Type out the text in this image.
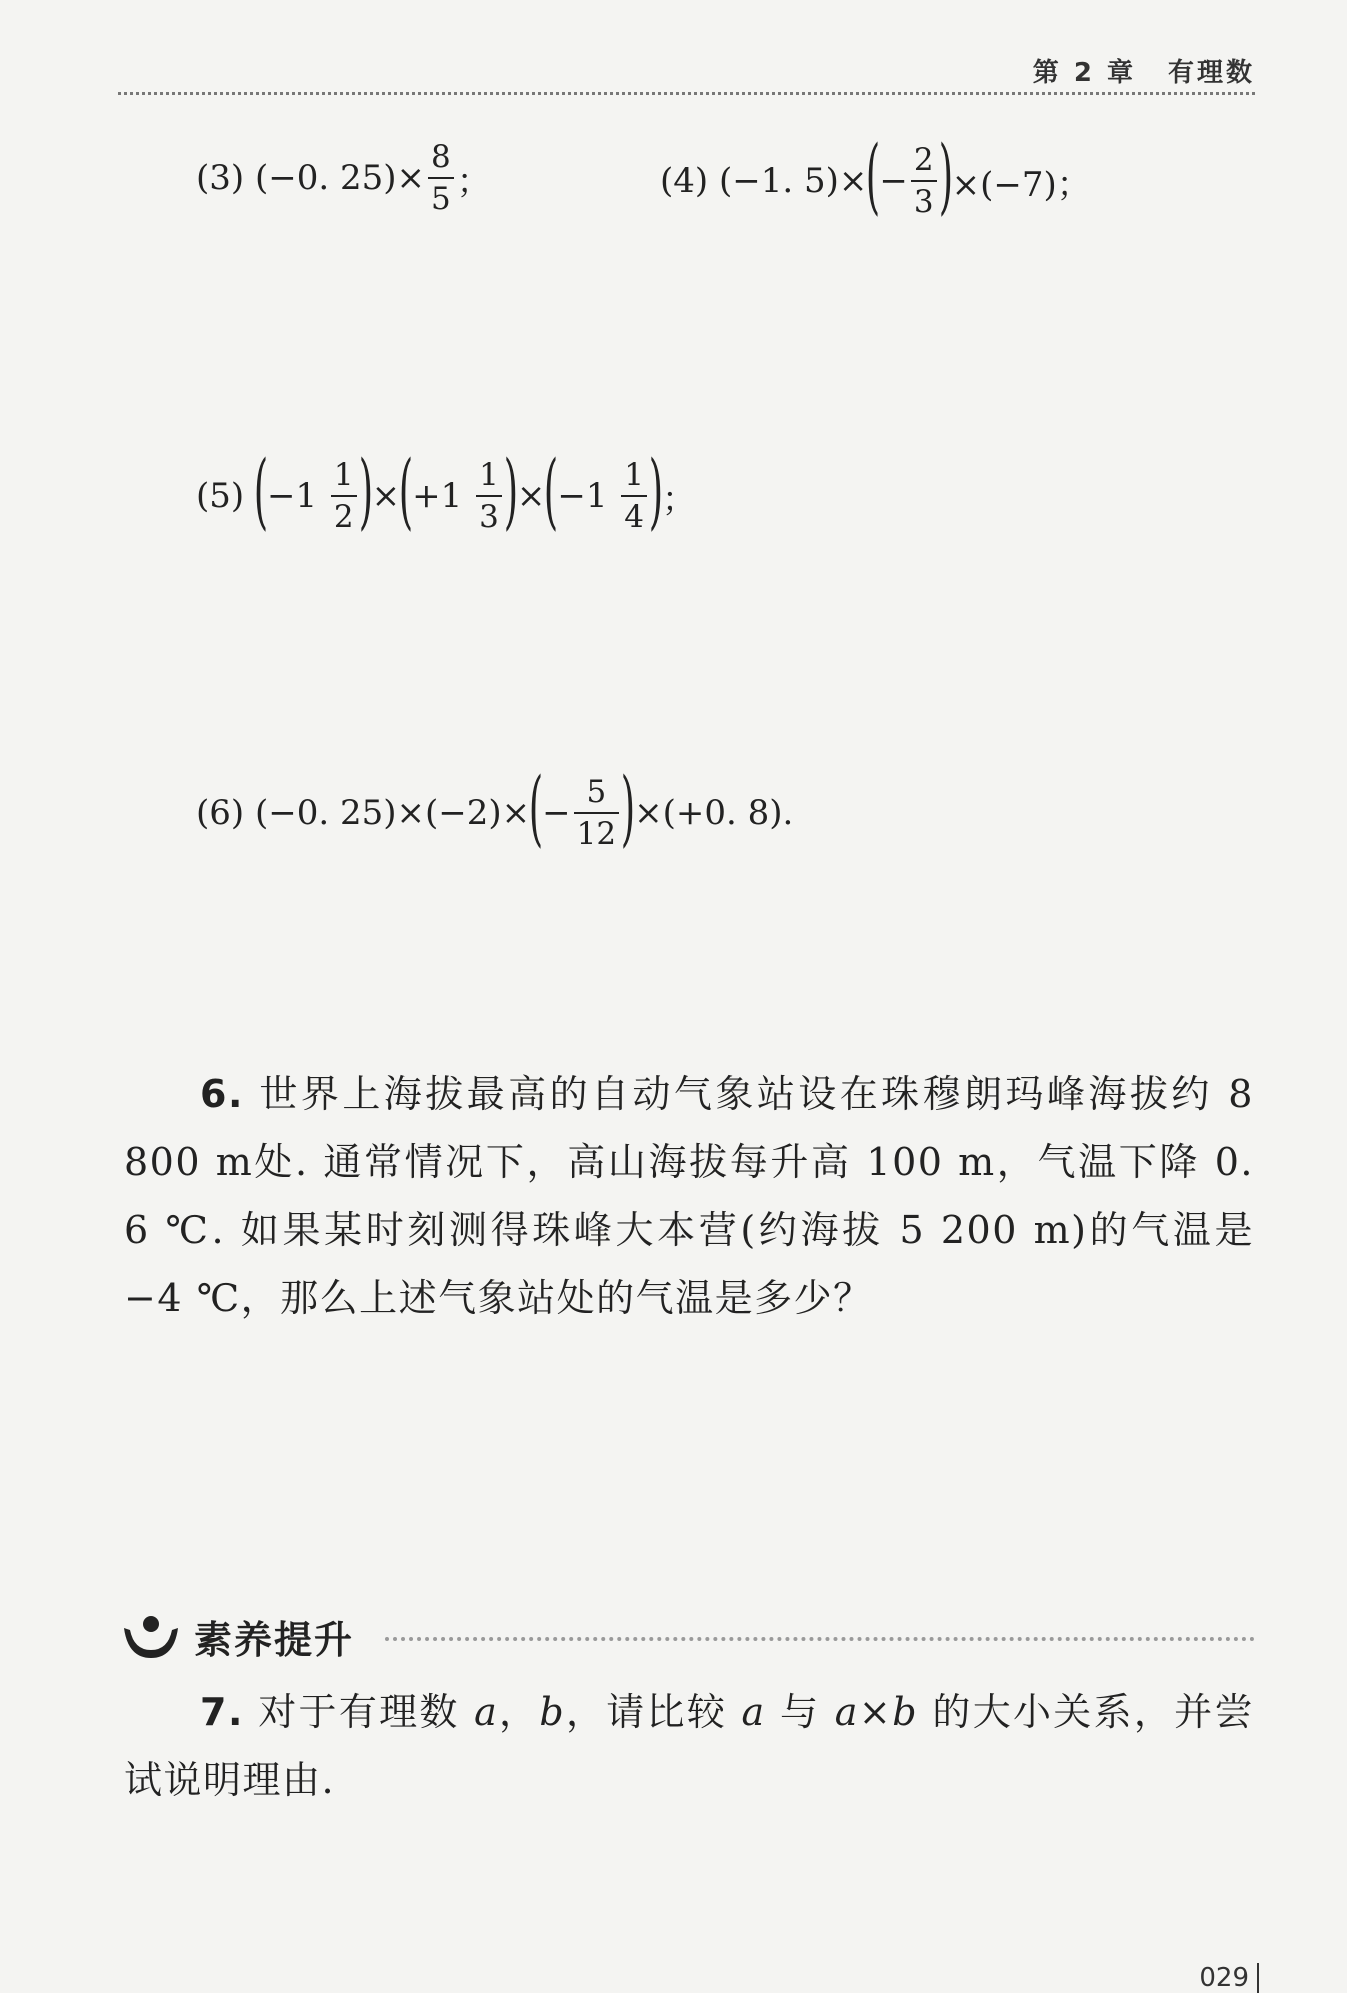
第 2 章 有理数
(3)
(−0. $25)\times \frac{8}{5}$ ；	(4)
(−1. 5)×
(
− $\frac{2}{3}$ )
×(−7)；
(5)
(
−1
$\frac{1}{2}$ )
×
(
+1
$\frac{1}{3}$ )
×
(
−1
$\frac{1}{4}$ )
；
(6)
(−0. 25)×(−2)×
(
− $\frac{5}{12}$ )
×(+0. 8).
6. 世界上海拔最高的自动气象站设在珠穆朗玛峰海拔约 8 800 m处. 通常情况下，高山海拔每升高 100 m，气温下降 0. 6 ℃. 如果某时刻测得珠峰大本营(约海拔 5 200 m)的气温是−4 ℃，那么上述气象站处的气温是多少？
素养提升
7. 对于有理数 a，b，请比较 a 与 a×b 的大小关系，并尝试说明理由.
029
